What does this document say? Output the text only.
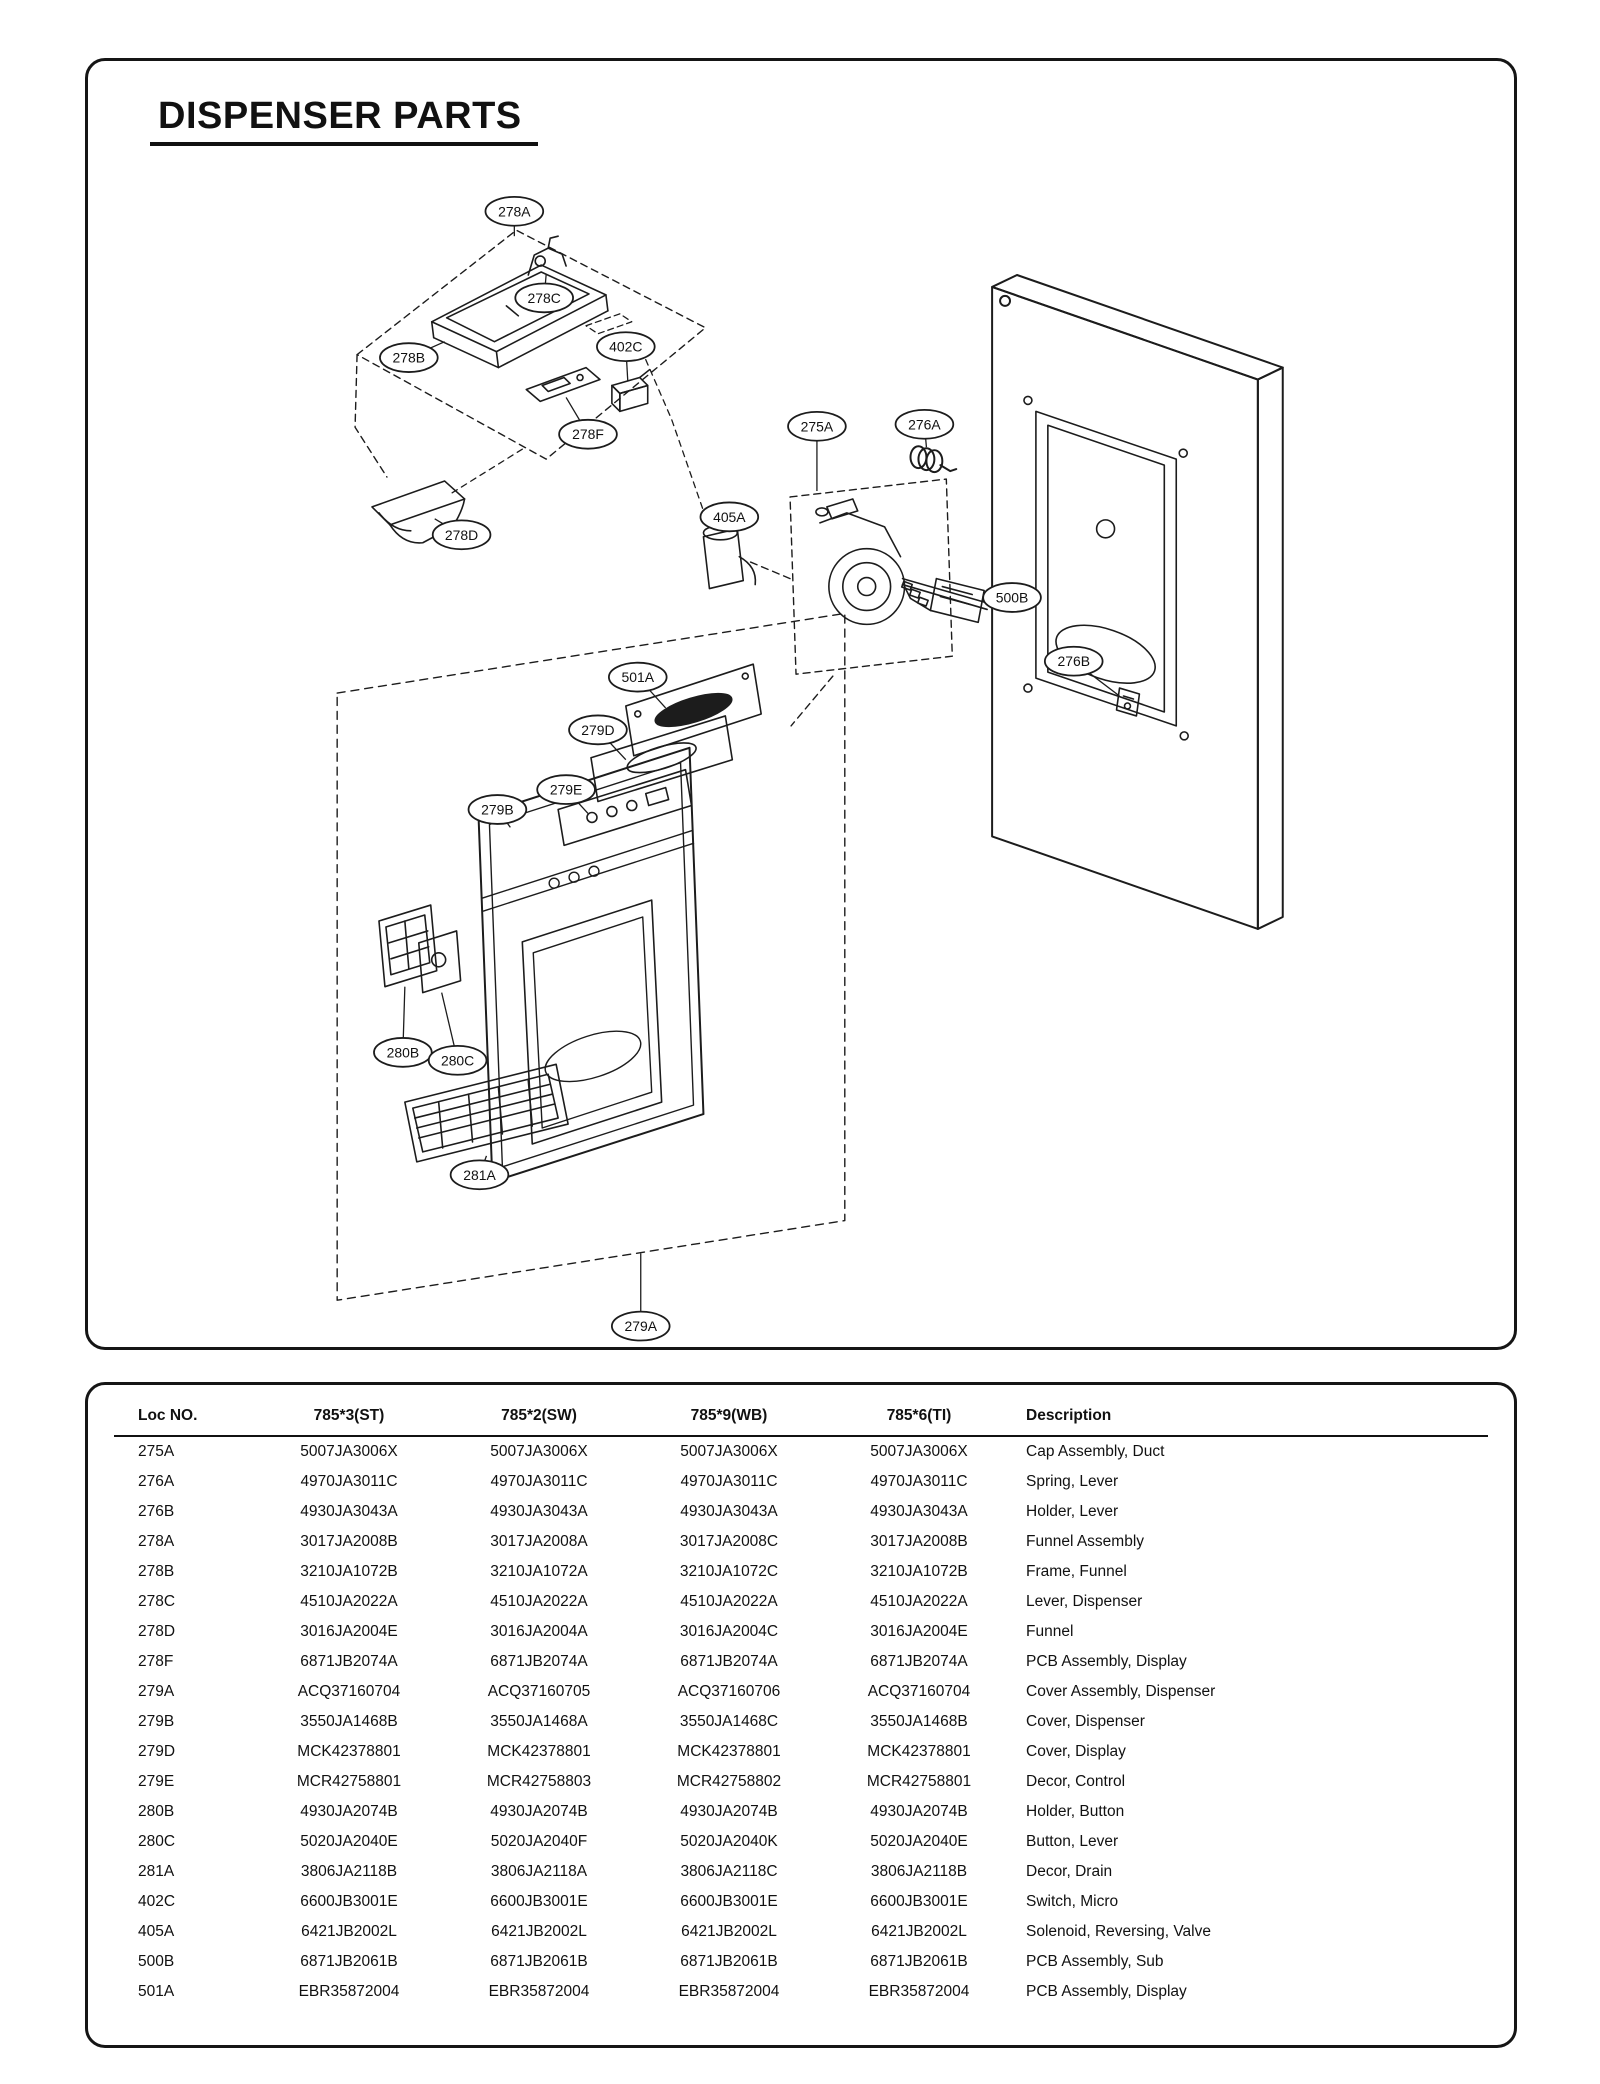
DISPENSER PARTS
278A
278C
402C
278B
278F	275A	276A
405A
278D
500B
276B
501A
279D
279E
279B
280B 280C
281A
279A
Loc NO.	785*3(ST)	785*2(SW)	785*9(WB)	785*6(TI)	Description
275A	5007JA3006X	5007JA3006X	5007JA3006X	5007JA3006X	Cap Assembly, Duct
276A	4970JA3011C	4970JA3011C	4970JA3011C	4970JA3011C	Spring, Lever
276B	4930JA3043A	4930JA3043A	4930JA3043A	4930JA3043A	Holder, Lever
278A	3017JA2008B	3017JA2008A	3017JA2008C	3017JA2008B	Funnel Assembly
278B	3210JA1072B	3210JA1072A	3210JA1072C	3210JA1072B	Frame, Funnel
278C	4510JA2022A	4510JA2022A	4510JA2022A	4510JA2022A	Lever, Dispenser
278D	3016JA2004E	3016JA2004A	3016JA2004C	3016JA2004E	Funnel
278F	6871JB2074A	6871JB2074A	6871JB2074A	6871JB2074A	PCB Assembly, Display
279A	ACQ37160704	ACQ37160705	ACQ37160706	ACQ37160704	Cover Assembly, Dispenser
279B	3550JA1468B	3550JA1468A	3550JA1468C	3550JA1468B	Cover, Dispenser
279D	MCK42378801	MCK42378801	MCK42378801	MCK42378801	Cover, Display
279E	MCR42758801	MCR42758803	MCR42758802	MCR42758801	Decor, Control
280B	4930JA2074B	4930JA2074B	4930JA2074B	4930JA2074B	Holder, Button
280C	5020JA2040E	5020JA2040F	5020JA2040K	5020JA2040E	Button, Lever
281A	3806JA2118B	3806JA2118A	3806JA2118C	3806JA2118B	Decor, Drain
402C	6600JB3001E	6600JB3001E	6600JB3001E	6600JB3001E	Switch, Micro
405A	6421JB2002L	6421JB2002L	6421JB2002L	6421JB2002L	Solenoid, Reversing, Valve
500B	6871JB2061B	6871JB2061B	6871JB2061B	6871JB2061B	PCB Assembly, Sub
501A	EBR35872004	EBR35872004	EBR35872004	EBR35872004	PCB Assembly, Display
